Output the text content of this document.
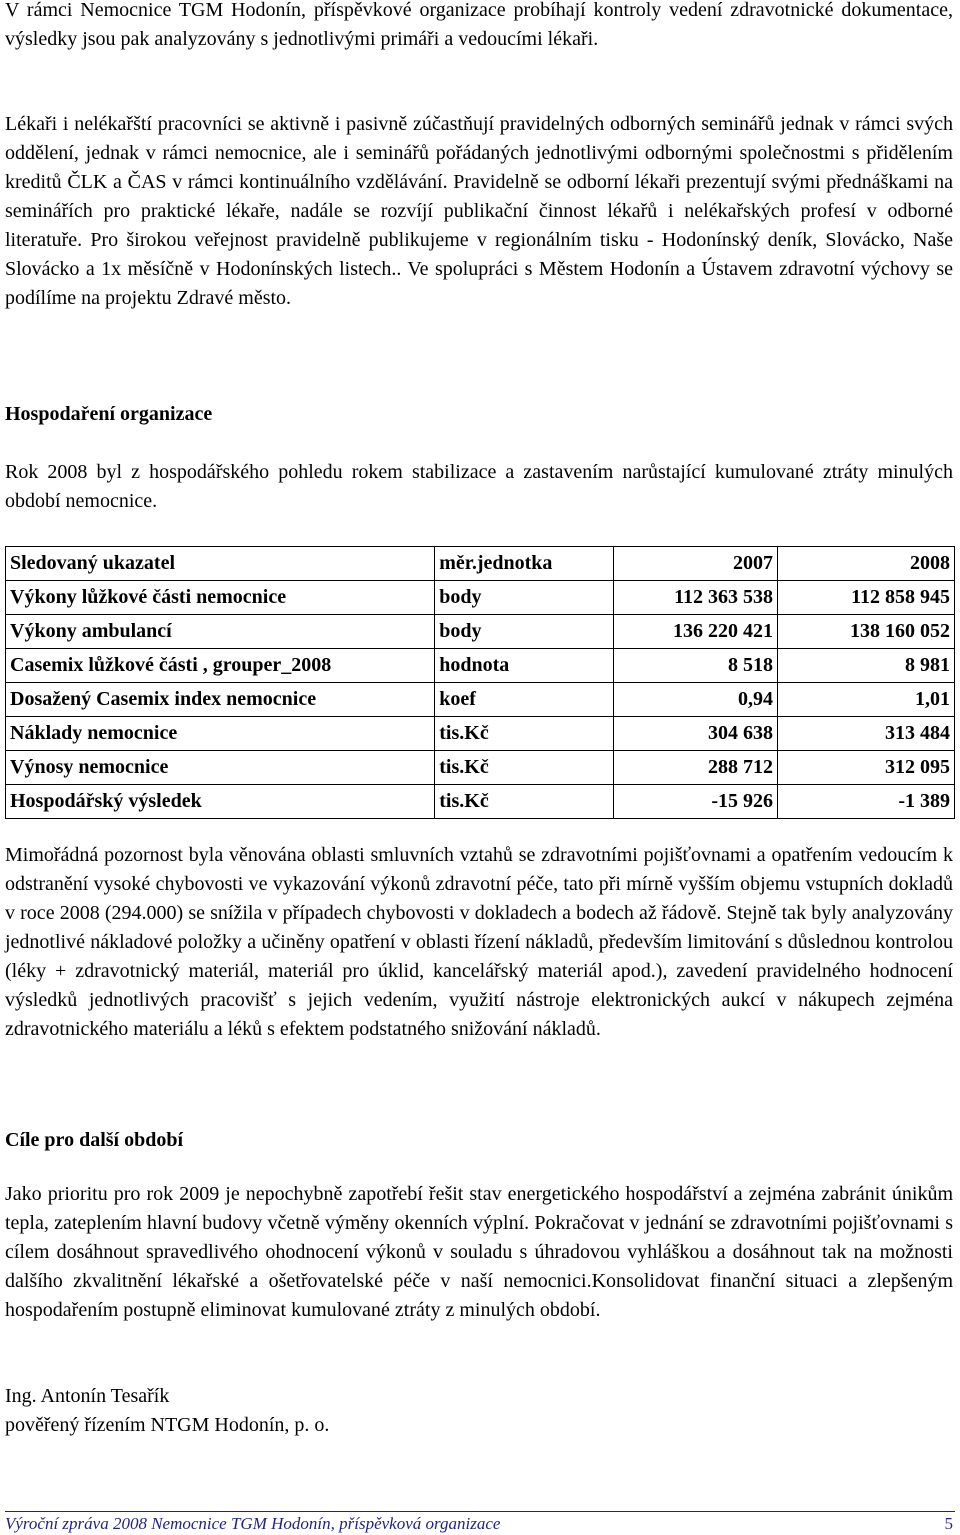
V rámci Nemocnice TGM Hodonín, příspěvkové organizace probíhají kontroly vedení zdravotnické dokumentace, výsledky jsou pak analyzovány s jednotlivými primáři a vedoucími lékaři.

Lékaři i nelékařští pracovníci se aktivně i pasivně zúčastňují pravidelných odborných seminářů jednak v rámci svých oddělení, jednak v rámci nemocnice, ale i seminářů pořádaných jednotlivými odbornými společnostmi s přidělením kreditů ČLK a ČAS v rámci kontinuálního vzdělávání. Pravidelně se odborní lékaři prezentují svými přednáškami na seminářích pro praktické lékaře, nadále se rozvíjí publikační činnost lékařů i nelékařských profesí v odborné literatuře. Pro širokou veřejnost pravidelně publikujeme v regionálním tisku - Hodonínský deník, Slovácko, Naše Slovácko a 1x měsíčně v Hodonínských listech.. Ve spolupráci s Městem Hodonín a Ústavem zdravotní výchovy se podílíme na projektu Zdravé město.

Hospodaření organizace

Rok 2008 byl z hospodářského pohledu rokem stabilizace a zastavením narůstající kumulované ztráty minulých období nemocnice.

Sledovaný ukazatel	měr.jednotka	2007	2008
Výkony lůžkové části nemocnice	body	112 363 538	112 858 945
Výkony ambulancí	body	136 220 421	138 160 052
Casemix lůžkové části , grouper_2008	hodnota	8 518	8 981
Dosažený Casemix index nemocnice	koef	0,94	1,01
Náklady nemocnice	tis.Kč	304 638	313 484
Výnosy nemocnice	tis.Kč	288 712	312 095
Hospodářský výsledek	tis.Kč	-15 926	-1 389

Mimořádná pozornost byla věnována oblasti smluvních vztahů se zdravotními pojišťovnami a opatřením vedoucím k odstranění vysoké chybovosti ve vykazování výkonů zdravotní péče, tato při mírně vyšším objemu vstupních dokladů v roce 2008 (294.000) se snížila v případech chybovosti v dokladech a bodech až řádově. Stejně tak byly analyzovány jednotlivé nákladové položky a učiněny opatření v oblasti řízení nákladů, především limitování s důslednou kontrolou (léky + zdravotnický materiál, materiál pro úklid, kancelářský materiál apod.), zavedení pravidelného hodnocení výsledků jednotlivých pracovišť s jejich vedením, využití nástroje elektronických aukcí v nákupech zejména zdravotnického materiálu a léků s efektem podstatného snižování nákladů.

Cíle pro další období

Jako prioritu pro rok 2009 je nepochybně zapotřebí řešit stav energetického hospodářství a zejména zabránit únikům tepla, zateplením hlavní budovy včetně výměny okenních výplní. Pokračovat v jednání se zdravotními pojišťovnami s cílem dosáhnout spravedlivého ohodnocení výkonů v souladu s úhradovou vyhláškou a dosáhnout tak na možnosti dalšího zkvalitnění lékařské a ošetřovatelské péče v naší nemocnici.Konsolidovat finanční situaci a zlepšeným hospodařením postupně eliminovat kumulované ztráty z minulých období.

Ing. Antonín Tesařík
pověřený řízením NTGM Hodonín, p. o.
Výroční zpráva 2008 Nemocnice TGM Hodonín, příspěvková organizace	5
